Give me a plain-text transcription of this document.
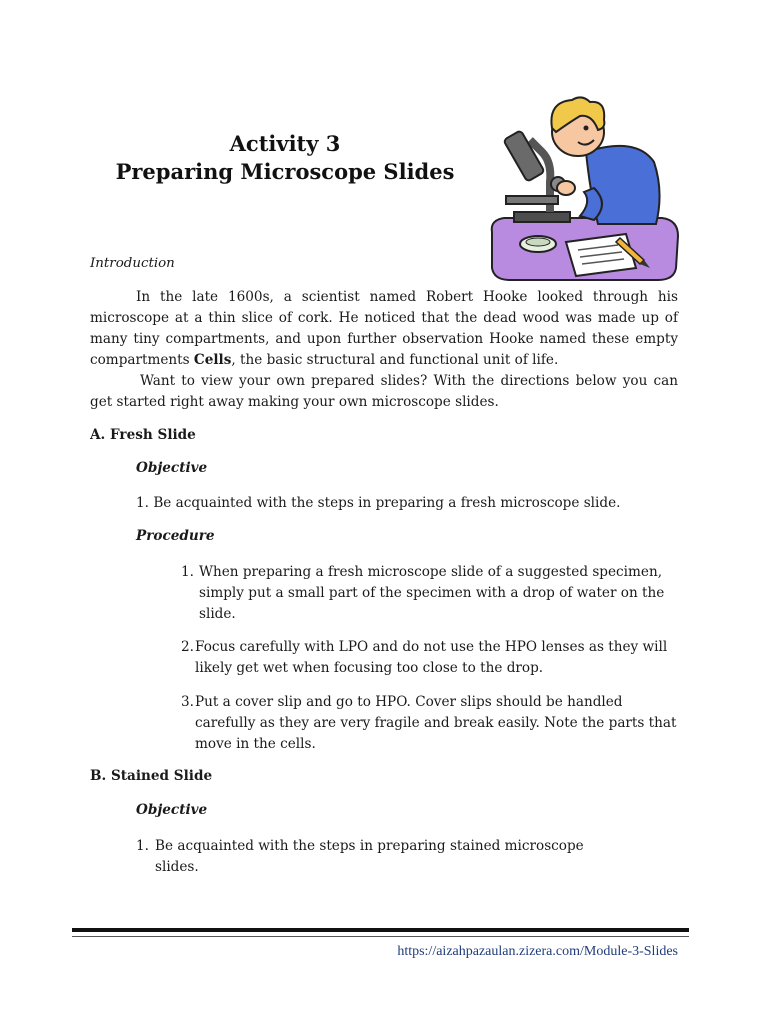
Activity 3
Preparing Microscope Slides
Introduction
In the late 1600s, a scientist named Robert Hooke looked through his microscope at a thin slice of cork. He noticed that the dead wood was made up of many tiny compartments, and upon further observation Hooke named these empty compartments Cells, the basic structural and functional unit of life.
Want to view your own prepared slides? With the directions below you can get started right away making your own microscope slides.
A. Fresh Slide
Objective
1. Be acquainted with the steps in preparing a fresh microscope slide.
Procedure
1. When preparing a fresh microscope slide of a suggested specimen, simply put a small part of the specimen with a drop of water on the slide.
2. Focus carefully with LPO and do not use the HPO lenses as they will likely get wet when focusing too close to the drop.
3. Put a cover slip and go to HPO. Cover slips should be handled carefully as they are very fragile and break easily. Note the parts that move in the cells.
B. Stained Slide
Objective
1. Be acquainted with the steps in preparing stained microscope slides.
https://aizahpazaulan.zizera.com/Module-3-Slides
